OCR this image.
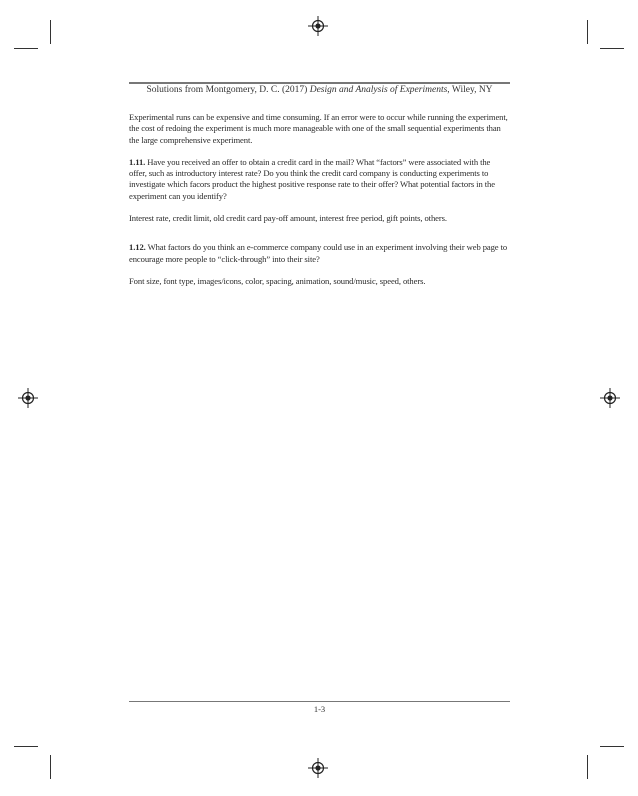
Solutions from Montgomery, D. C. (2017) Design and Analysis of Experiments, Wiley, NY

Experimental runs can be expensive and time consuming. If an error were to occur while running the experiment, the cost of redoing the experiment is much more manageable with one of the small sequential experiments than the large comprehensive experiment.

1.11. Have you received an offer to obtain a credit card in the mail? What “factors” were associated with the offer, such as introductory interest rate? Do you think the credit card company is conducting experiments to investigate which facors product the highest positive response rate to their offer? What potential factors in the experiment can you identify?

Interest rate, credit limit, old credit card pay-off amount, interest free period, gift points, others.

1.12. What factors do you think an e-commerce company could use in an experiment involving their web page to encourage more people to “click-through” into their site?

Font size, font type, images/icons, color, spacing, animation, sound/music, speed, others.

1-3
